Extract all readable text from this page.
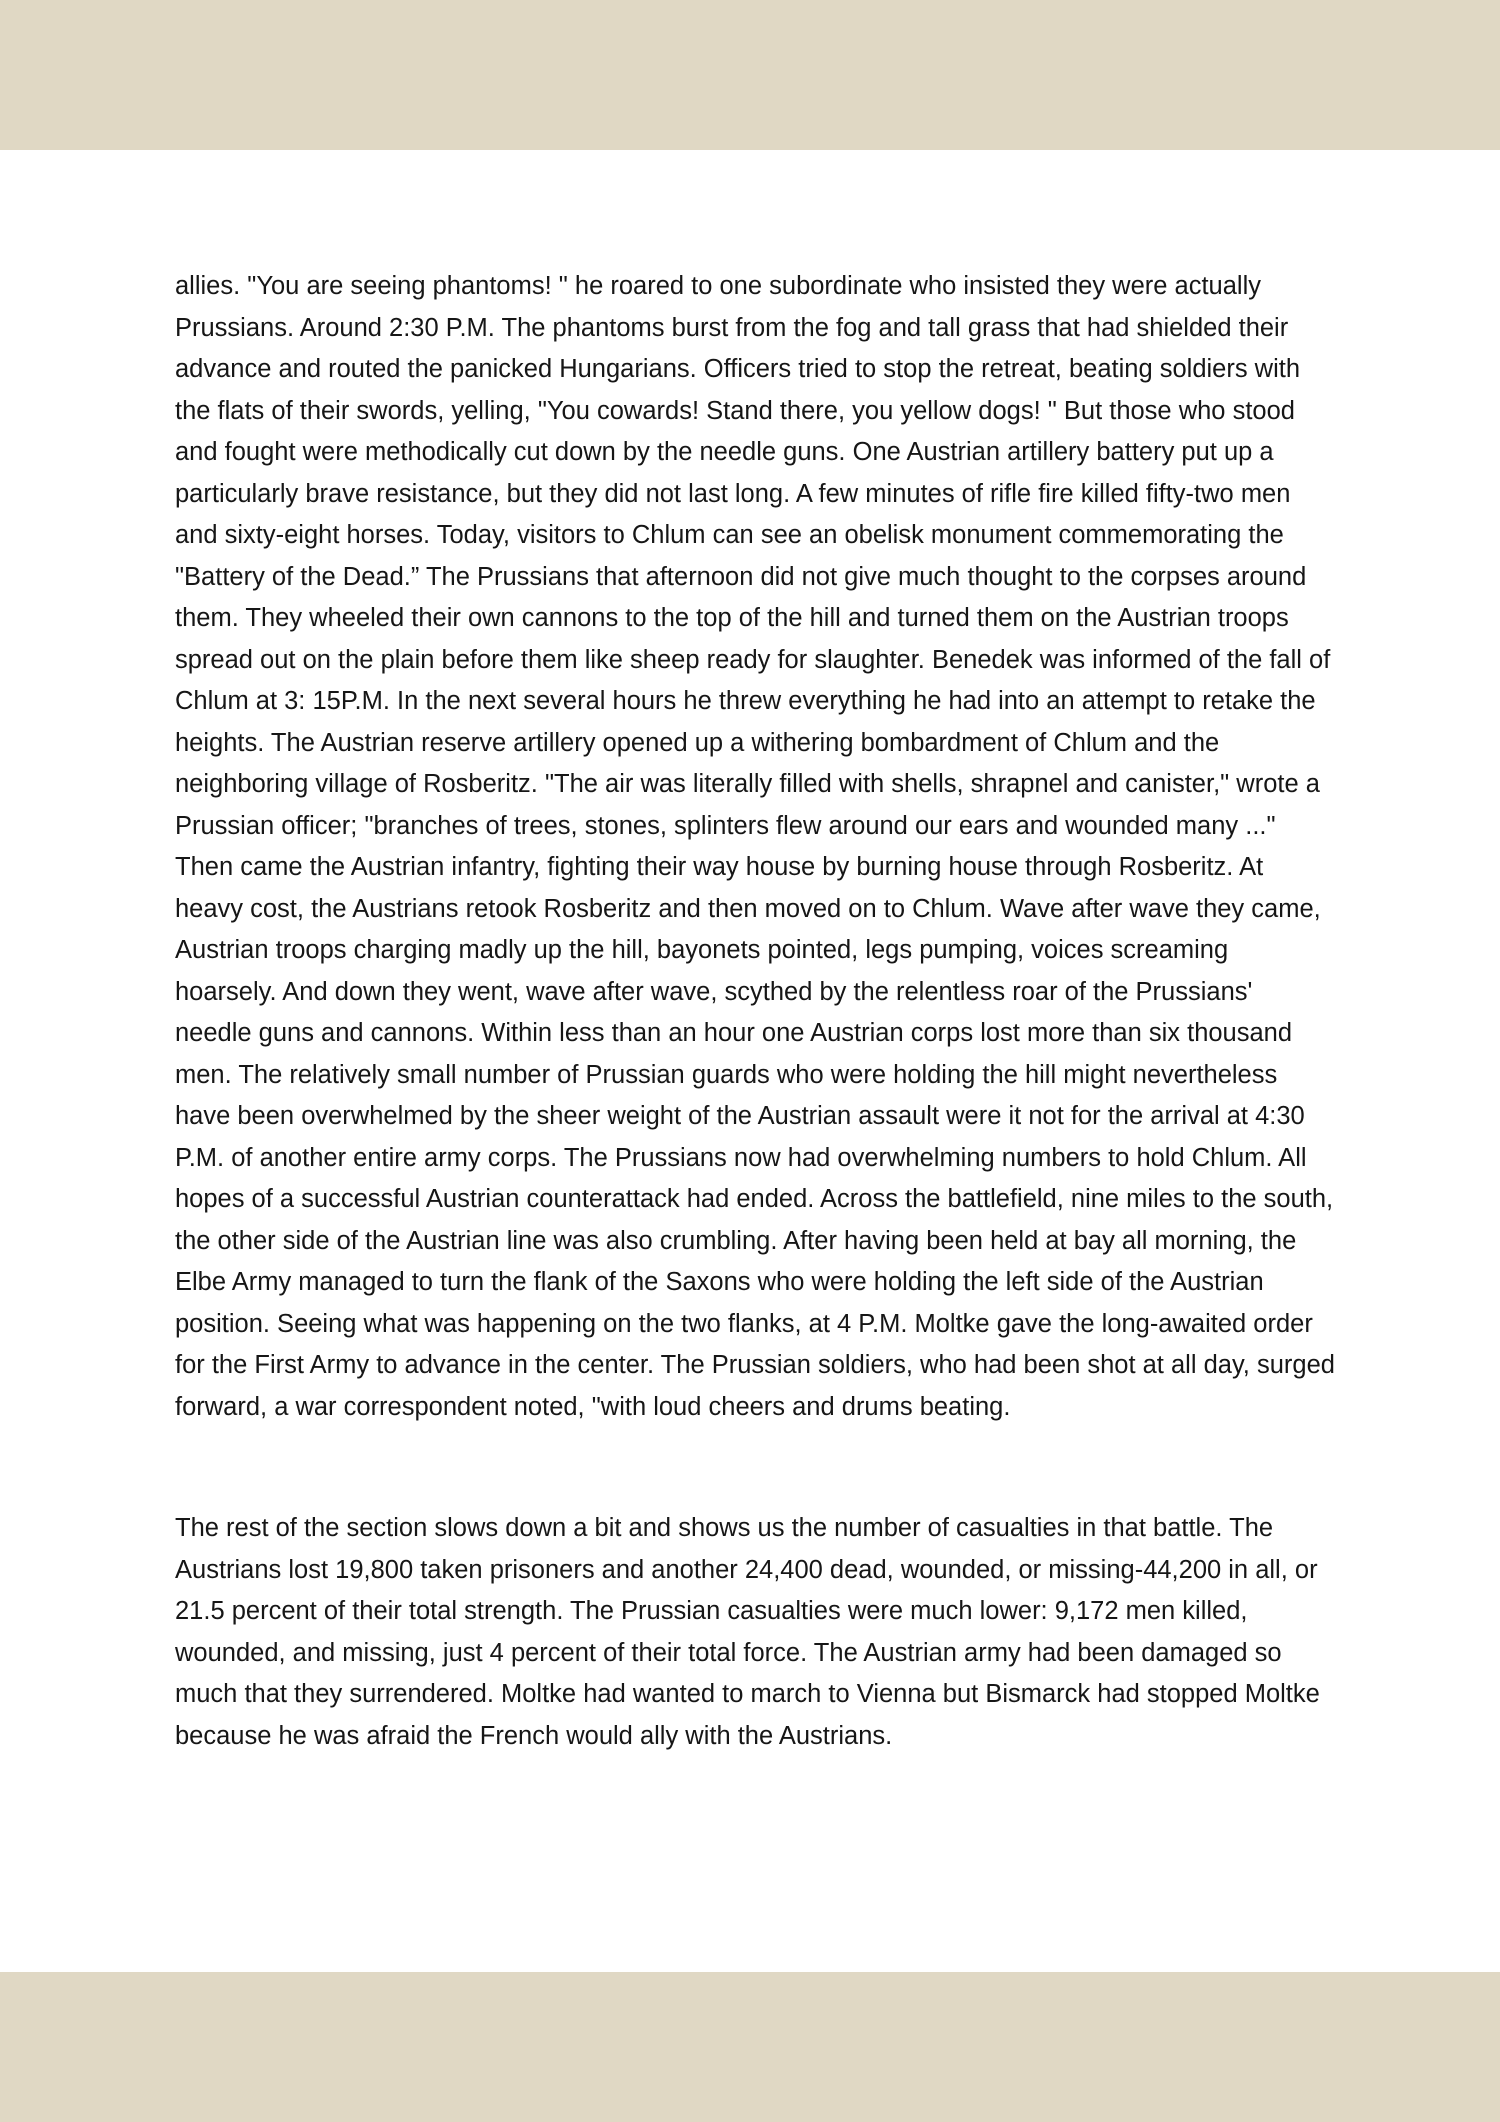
allies. "You are seeing phantoms! " he roared to one subordinate who insisted they were actually Prussians. Around 2:30 P.M. The phantoms burst from the fog and tall grass that had shielded their advance and routed the panicked Hungarians. Officers tried to stop the retreat, beating soldiers with the flats of their swords, yelling, "You cowards! Stand there, you yellow dogs! " But those who stood and fought were methodically cut down by the needle guns. One Austrian artillery battery put up a particularly brave resistance, but they did not last long. A few minutes of rifle fire killed fifty-two men and sixty-eight horses. Today, visitors to Chlum can see an obelisk monument commemorating the "Battery of the Dead.” The Prussians that afternoon did not give much thought to the corpses around them. They wheeled their own cannons to the top of the hill and turned them on the Austrian troops spread out on the plain before them like sheep ready for slaughter. Benedek was informed of the fall of Chlum at 3: 15P.M. In the next several hours he threw everything he had into an attempt to retake the heights. The Austrian reserve artillery opened up a withering bombardment of Chlum and the neighboring village of Rosberitz. "The air was literally filled with shells, shrapnel and canister," wrote a Prussian officer; "branches of trees, stones, splinters flew around our ears and wounded many ..." Then came the Austrian infantry, fighting their way house by burning house through Rosberitz. At heavy cost, the Austrians retook Rosberitz and then moved on to Chlum. Wave after wave they came, Austrian troops charging madly up the hill, bayonets pointed, legs pumping, voices screaming hoarsely. And down they went, wave after wave, scythed by the relentless roar of the Prussians' needle guns and cannons. Within less than an hour one Austrian corps lost more than six thousand men. The relatively small number of Prussian guards who were holding the hill might nevertheless have been overwhelmed by the sheer weight of the Austrian assault were it not for the arrival at 4:30 P.M. of another entire army corps. The Prussians now had overwhelming numbers to hold Chlum. All hopes of a successful Austrian counterattack had ended. Across the battlefield, nine miles to the south, the other side of the Austrian line was also crumbling. After having been held at bay all morning, the Elbe Army managed to turn the flank of the Saxons who were holding the left side of the Austrian position. Seeing what was happening on the two flanks, at 4 P.M. Moltke gave the long-awaited order for the First Army to advance in the center. The Prussian soldiers, who had been shot at all day, surged forward, a war correspondent noted, "with loud cheers and drums beating.

The rest of the section slows down a bit and shows us the number of casualties in that battle. The Austrians lost 19,800 taken prisoners and another 24,400 dead, wounded, or missing-44,200 in all, or 21.5 percent of their total strength. The Prussian casualties were much lower: 9,172 men killed, wounded, and missing, just 4 percent of their total force. The Austrian army had been damaged so much that they surrendered. Moltke had wanted to march to Vienna but Bismarck had stopped Moltke because he was afraid the French would ally with the Austrians.
